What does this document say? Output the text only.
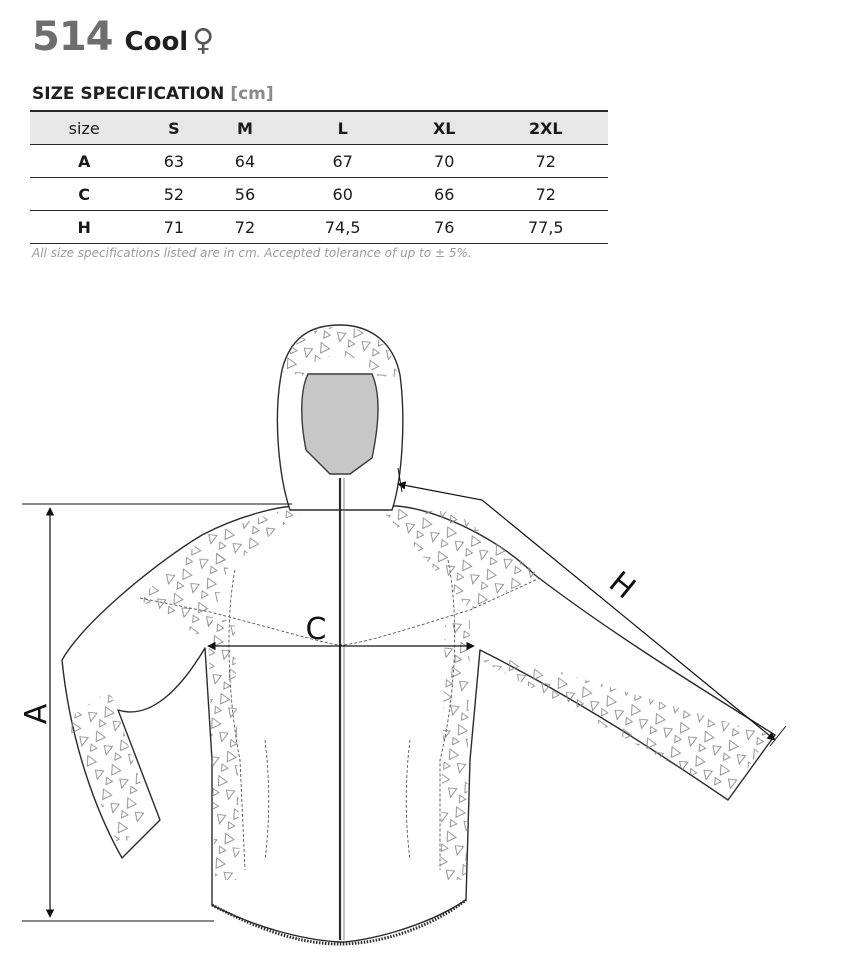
514 Cool ♀
SIZE SPECIFICATION [cm]
size	S	M	L	XL	2XL
A	63	64	67	70	72
C	52	56	60	66	72
H	71	72	74,5	76	77,5
All size specifications listed are in cm. Accepted tolerance of up to ± 5%.
A
C
H
